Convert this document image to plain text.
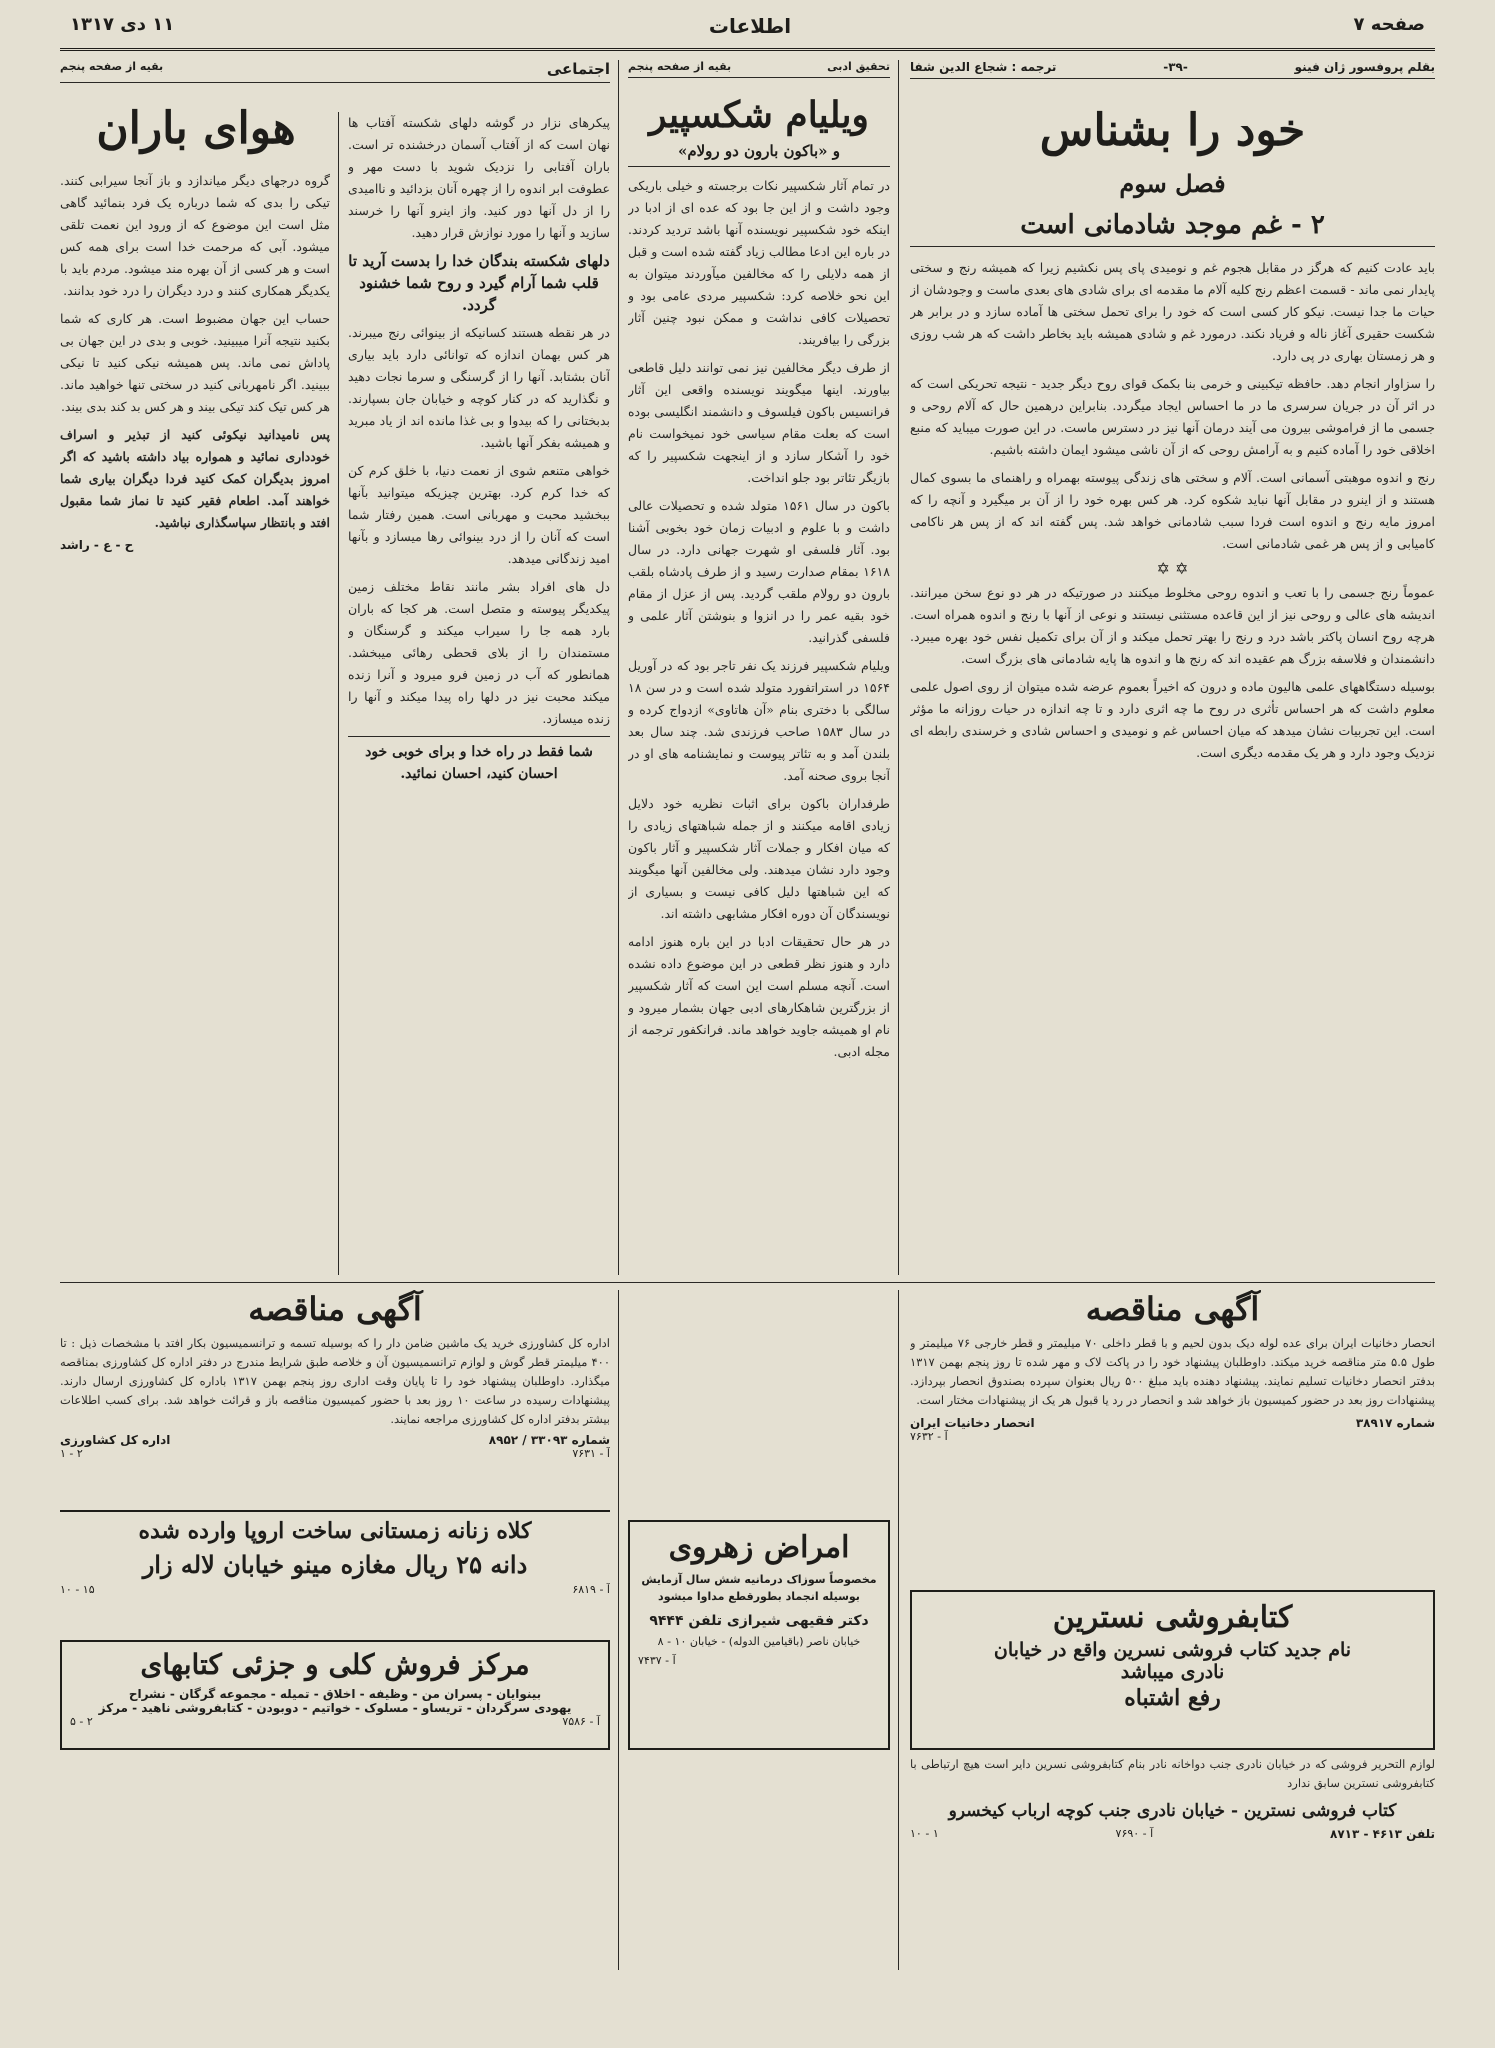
صفحه ۷
اطلاعات
۱۱ دی ۱۳۱۷
بقلم پروفسور ژان فینو
-۳۹-
ترجمه : شجاع الدین شفا
خود را بشناس
فصل سوم
۲ - غم موجد شادمانی است
باید عادت کنیم که هرگز در مقابل هجوم غم و نومیدی پای پس نکشیم زیرا که همیشه رنج و سختی پایدار نمی ماند - قسمت اعظم رنج کلیه آلام ما مقدمه ای برای شادی های بعدی ماست و وجودشان از حیات ما جدا نیست. نیکو کار کسی است که خود را برای تحمل سختی ها آماده سازد و در برابر هر شکست حقیری آغاز ناله و فریاد نکند. درمورد غم و شادی همیشه باید بخاطر داشت که هر شب روزی و هر زمستان بهاری در پی دارد.
را سزاوار انجام دهد. حافظه تیکبینی و خرمی بنا بکمک قوای روح دیگر جدید - نتیجه تحریکی است که در اثر آن در جریان سرسری ما در ما احساس ایجاد میگردد. بنابراین درهمین حال که آلام روحی و جسمی ما از فراموشی بیرون می آیند درمان آنها نیز در دسترس ماست. در این صورت میباید که منبع اخلاقی خود را آماده کنیم و به آرامش روحی که از آن ناشی میشود ایمان داشته باشیم.
رنج و اندوه موهبتی آسمانی است. آلام و سختی های زندگی پیوسته بهمراه و راهنمای ما بسوی کمال هستند و از اینرو در مقابل آنها نباید شکوه کرد. هر کس بهره خود را از آن بر میگیرد و آنچه را که امروز مایه رنج و اندوه است فردا سبب شادمانی خواهد شد. پس گفته اند که از پس هر ناکامی کامیابی و از پس هر غمی شادمانی است.
✡ ✡
عموماً رنج جسمی را با تعب و اندوه روحی مخلوط میکنند در صورتیکه در هر دو نوع سخن میرانند. اندیشه های عالی و روحی نیز از این قاعده مستثنی نیستند و نوعی از آنها با رنج و اندوه همراه است. هرچه روح انسان پاکتر باشد درد و رنج را بهتر تحمل میکند و از آن برای تکمیل نفس خود بهره میبرد. دانشمندان و فلاسفه بزرگ هم عقیده اند که رنج ها و اندوه ها پایه شادمانی های بزرگ است.
بوسیله دستگاههای علمی هالیون ماده و درون که اخیراً بعموم عرضه شده میتوان از روی اصول علمی معلوم داشت که هر احساس تأثری در روح ما چه اثری دارد و تا چه اندازه در حیات روزانه ما مؤثر است. این تجربیات نشان میدهد که میان احساس غم و نومیدی و احساس شادی و خرسندی رابطه ای نزدیک وجود دارد و هر یک مقدمه دیگری است.
تحقیق ادبی
بقیه از صفحه پنجم
ویلیام شکسپیر
و «باکون بارون دو رولام»
در تمام آثار شکسپیر نکات برجسته و خیلی باریکی وجود داشت و از این جا بود که عده ای از ادبا در اینکه خود شکسپیر نویسنده آنها باشد تردید کردند. در باره این ادعا مطالب زیاد گفته شده است و قبل از همه دلایلی را که مخالفین میآوردند میتوان به این نحو خلاصه کرد: شکسپیر مردی عامی بود و تحصیلات کافی نداشت و ممکن نبود چنین آثار بزرگی را بیافریند.
از طرف دیگر مخالفین نیز نمی توانند دلیل قاطعی بیاورند. اینها میگویند نویسنده واقعی این آثار فرانسیس باکون فیلسوف و دانشمند انگلیسی بوده است که بعلت مقام سیاسی خود نمیخواست نام خود را آشکار سازد و از اینجهت شکسپیر را که بازیگر تئاتر بود جلو انداخت.
باکون در سال ۱۵۶۱ متولد شده و تحصیلات عالی داشت و با علوم و ادبیات زمان خود بخوبی آشنا بود. آثار فلسفی او شهرت جهانی دارد. در سال ۱۶۱۸ بمقام صدارت رسید و از طرف پادشاه بلقب بارون دو رولام ملقب گردید. پس از عزل از مقام خود بقیه عمر را در انزوا و بنوشتن آثار علمی و فلسفی گذرانید.
ویلیام شکسپیر فرزند یک نفر تاجر بود که در آوریل ۱۵۶۴ در استراتفورد متولد شده است و در سن ۱۸ سالگی با دختری بنام «آن هاتاوی» ازدواج کرده و در سال ۱۵۸۳ صاحب فرزندی شد. چند سال بعد بلندن آمد و به تئاتر پیوست و نمایشنامه های او در آنجا بروی صحنه آمد.
طرفداران باکون برای اثبات نظریه خود دلایل زیادی اقامه میکنند و از جمله شباهتهای زیادی را که میان افکار و جملات آثار شکسپیر و آثار باکون وجود دارد نشان میدهند. ولی مخالفین آنها میگویند که این شباهتها دلیل کافی نیست و بسیاری از نویسندگان آن دوره افکار مشابهی داشته اند.
در هر حال تحقیقات ادبا در این باره هنوز ادامه دارد و هنوز نظر قطعی در این موضوع داده نشده است. آنچه مسلم است این است که آثار شکسپیر از بزرگترین شاهکارهای ادبی جهان بشمار میرود و نام او همیشه جاوید خواهد ماند. فرانکفور ترجمه از مجله ادبی.
اجتماعی
بقیه از صفحه پنجم
هوای باران	پیکرهای نزار در گوشه دلهای شکسته آفتاب ها نهان است که از آفتاب آسمان درخشنده تر است. باران آفتابی را نزدیک شوید با دست مهر و عطوفت ابر اندوه را از چهره آنان بزدائید و ناامیدی را از دل آنها دور کنید. واز اینرو آنها را خرسند سازید و آنها را مورد نوازش قرار دهید.
دلهای شکسته بندگان خدا را بدست آرید تا قلب شما آرام گیرد و روح شما خشنود گردد.
در هر نقطه هستند کسانیکه از بینوائی رنج میبرند. هر کس بهمان اندازه که توانائی دارد باید بیاری آنان بشتابد. آنها را از گرسنگی و سرما نجات دهید و نگذارید که در کنار کوچه و خیابان جان بسپارند. بدبختانی را که بیدوا و بی غذا مانده اند از یاد مبرید و همیشه بفکر آنها باشید.
خواهی متنعم شوی از نعمت دنیا، با خلق کرم کن که خدا کرم کرد. بهترین چیزیکه میتوانید بآنها ببخشید محبت و مهربانی است. همین رفتار شما است که آنان را از درد بینوائی رها میسازد و بآنها امید زندگانی میدهد.
دل های افراد بشر مانند نقاط مختلف زمین پیکدیگر پیوسته و متصل است. هر کجا که باران بارد همه جا را سیراب میکند و گرسنگان و مستمندان را از بلای قحطی رهائی میبخشد. همانطور که آب در زمین فرو میرود و آنرا زنده میکند محبت نیز در دلها راه پیدا میکند و آنها را زنده میسازد.
شما فقط در راه خدا و برای خوبی خود احسان کنید، احسان نمائید.
گروه درجهای دیگر میاندازد و باز آنجا سیرابی کنند. تیکی را بدی که شما درباره یک فرد بنمائید گاهی مثل است این موضوع که از ورود این نعمت تلقی میشود. آبی که مرحمت خدا است برای همه کس است و هر کسی از آن بهره مند میشود. مردم باید با یکدیگر همکاری کنند و درد دیگران را درد خود بدانند.
حساب این جهان مضبوط است. هر کاری که شما بکنید نتیجه آنرا میبینید. خوبی و بدی در این جهان بی پاداش نمی ماند. پس همیشه نیکی کنید تا نیکی ببینید. اگر نامهربانی کنید در سختی تنها خواهید ماند. هر کس تیک کند تیکی بیند و هر کس بد کند بدی بیند.
پس نامیدانید نیکوئی کنید از تبذیر و اسراف خودداری نمائید و همواره بیاد داشته باشید که اگر امروز بدیگران کمک کنید فردا دیگران بیاری شما خواهند آمد. اطعام فقیر کنید تا نماز شما مقبول افتد و بانتظار سپاسگذاری نباشید.
ح - ع - راشد
آگهی مناقصه
اداره کل کشاورزی خرید یک ماشین ضامن دار را که بوسیله تسمه و ترانسمیسیون بکار افتد با مشخصات ذیل : تا ۴۰۰ میلیمتر قطر گوش و لوازم ترانسمیسیون آن و خلاصه طبق شرایط مندرج در دفتر اداره کل کشاورزی بمناقصه میگذارد. داوطلبان پیشنهاد خود را تا پایان وقت اداری روز پنجم بهمن ۱۳۱۷ باداره کل کشاورزی ارسال دارند. پیشنهادات رسیده در ساعت ۱۰ روز بعد با حضور کمیسیون مناقصه باز و قرائت خواهد شد. برای کسب اطلاعات بیشتر بدفتر اداره کل کشاورزی مراجعه نمایند.
شماره ۳۳۰۹۳ / ۸۹۵۲
اداره کل کشاورزی
آ - ۷۶۳۱
۲ - ۱
آگهی مناقصه
انحصار دخانیات ایران برای عده لوله دیک بدون لحیم و با قطر داخلی ۷۰ میلیمتر و قطر خارجی ۷۶ میلیمتر و طول ۵.۵ متر مناقصه خرید میکند. داوطلبان پیشنهاد خود را در پاکت لاک و مهر شده تا روز پنجم بهمن ۱۳۱۷ بدفتر انحصار دخانیات تسلیم نمایند. پیشنهاد دهنده باید مبلغ ۵۰۰ ریال بعنوان سپرده بصندوق انحصار بپردازد. پیشنهادات روز بعد در حضور کمیسیون باز خواهد شد و انحصار در رد یا قبول هر یک از پیشنهادات مختار است.
شماره ۳۸۹۱۷
انحصار دخانیات ایران
آ - ۷۶۳۲
کلاه زنانه زمستانی ساخت اروپا وارده شده
دانه ۲۵ ریال مغازه مینو خیابان لاله زار
آ - ۶۸۱۹
۱۵ - ۱۰
مرکز فروش کلی و جزئی کتابهای
بینوایان - پسران من - وظیفه - اخلاق - تمیله - مجموعه گرگان - نشراح
یهودی سرگردان - تریساو - مسلوک - خواتیم - دوبودن - کتابفروشی ناهید - مرکز
آ - ۷۵۸۶
۲ - ۵
امراض زهروی
مخصوصاً سوزاک درمانیه شش سال آزمایش
بوسیله انجماد بطورقطع مداوا میشود
دکتر فقیهی شیرازی تلفن ۹۴۴۴
خیابان ناصر (باقیامین الدوله) - خیابان ۱۰ - ۸
آ - ۷۴۳۷
کتابفروشی نسترین
نام جدید کتاب فروشی نسرین واقع در خیابان
نادری میباشد
رفع اشتباه
لوازم التحریر فروشی که در خیابان نادری جنب دواخانه نادر بنام کتابفروشی نسرین دایر است هیچ ارتباطی با کتابفروشی نسترین سابق ندارد
کتاب فروشی نسترین - خیابان نادری جنب کوچه ارباب کیخسرو
تلفن ۴۶۱۳ - ۸۷۱۳
آ - ۷۶۹۰
۱ - ۱۰
